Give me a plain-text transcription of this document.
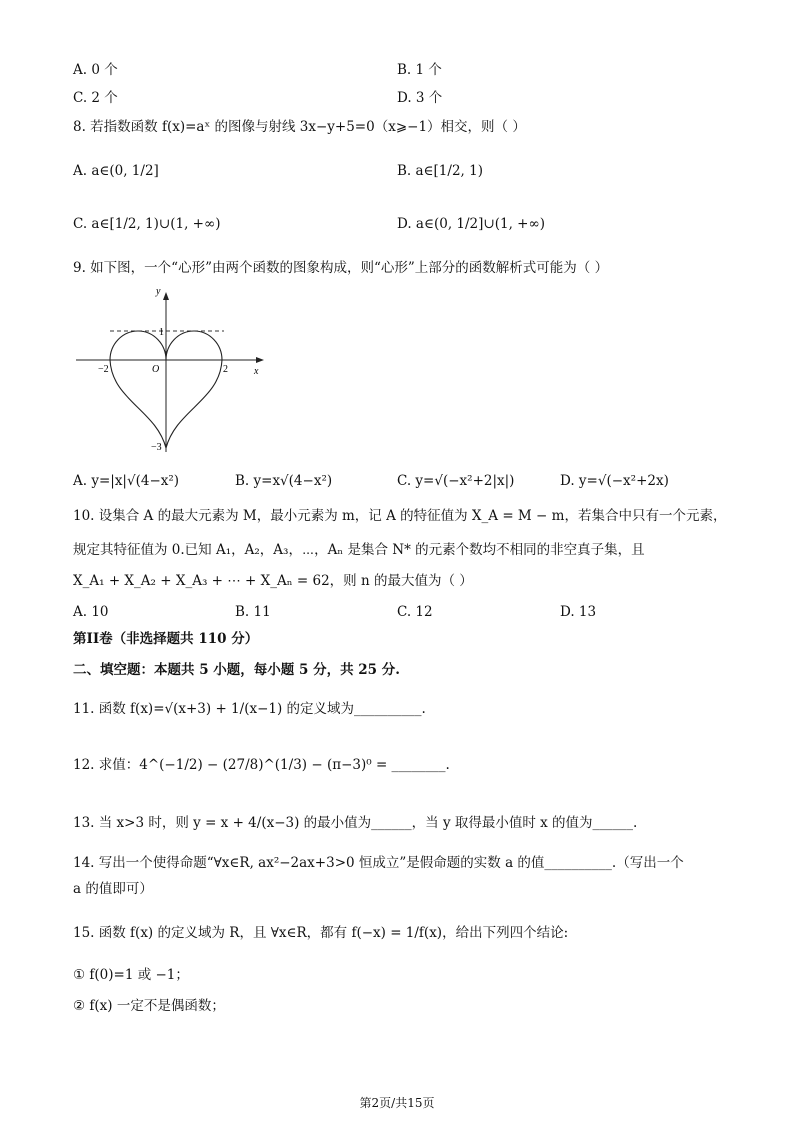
A. 0 个	B. 1 个
C. 2 个	D. 3 个
8. 若指数函数 f(x)=aˣ 的图像与射线 3x−y+5=0（x⩾−1）相交，则（ ）
A. a∈(0, 1/2]	B. a∈[1/2, 1)
C. a∈[1/2, 1)∪(1, +∞)	D. a∈(0, 1/2]∪(1, +∞)
9. 如下图，一个“心形”由两个函数的图象构成，则“心形”上部分的函数解析式可能为（ ）
y
x
O
1
2
−2
−3
A. y=|x|√(4−x²)	B. y=x√(4−x²)	C. y=√(−x²+2|x|)	D. y=√(−x²+2x)
10. 设集合 A 的最大元素为 M，最小元素为 m，记 A 的特征值为 X_A = M − m，若集合中只有一个元素，
规定其特征值为 0.已知 A₁，A₂，A₃，⋯，Aₙ 是集合 N* 的元素个数均不相同的非空真子集，且
X_A₁ + X_A₂ + X_A₃ + ⋯ + X_Aₙ = 62，则 n 的最大值为（ ）
A. 10	B. 11	C. 12	D. 13
第II卷（非选择题共 110 分）
二、填空题：本题共 5 小题，每小题 5 分，共 25 分.
11. 函数 f(x)=√(x+3) + 1/(x−1) 的定义域为__________.
12. 求值：4^(−1/2) − (27/8)^(1/3) − (π−3)⁰ = ________.
13. 当 x>3 时，则 y = x + 4/(x−3) 的最小值为______，当 y 取得最小值时 x 的值为______.
14. 写出一个使得命题“∀x∈R, ax²−2ax+3>0 恒成立”是假命题的实数 a 的值__________.（写出一个
a 的值即可）
15. 函数 f(x) 的定义域为 R，且 ∀x∈R，都有 f(−x) = 1/f(x)，给出下列四个结论:
① f(0)=1 或 −1；
② f(x) 一定不是偶函数；
第2页/共15页
